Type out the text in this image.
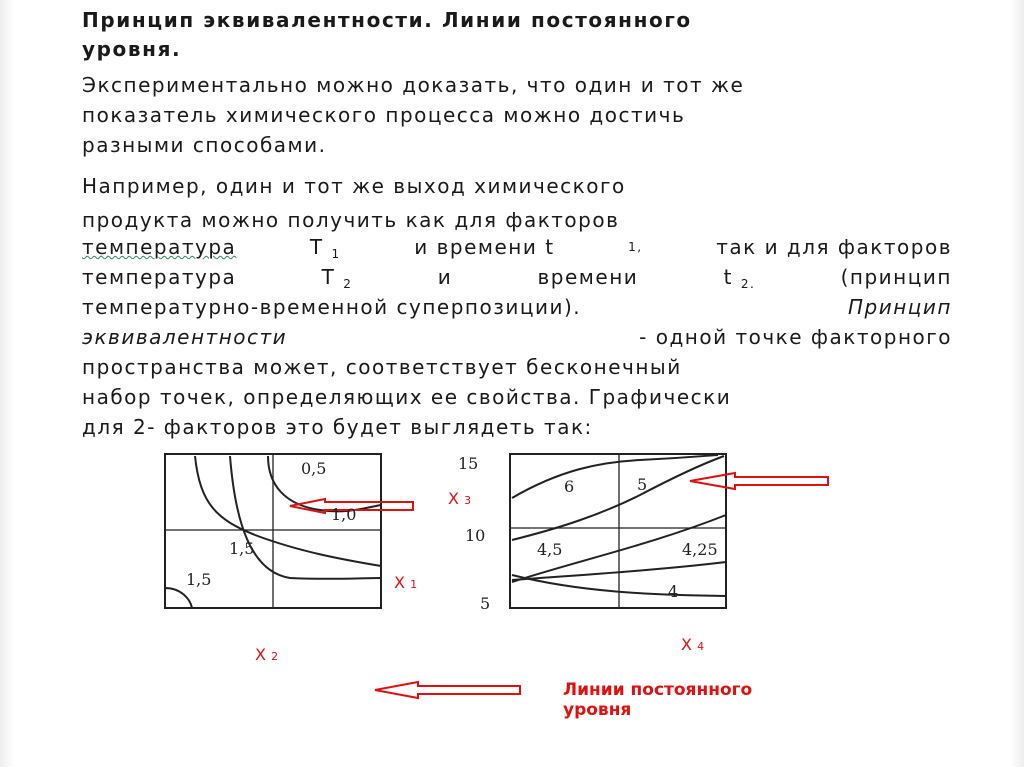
Принцип эквивалентности. Линии постоянного
уровня.
Экспериментально можно доказать, что один и тот же
показатель химического процесса можно достичь
разными способами.
Например, один и тот же выход химического
продукта можно получить как для факторов
температура	T $_1$	и времени t	1,	так и для факторов
температура	T $_2$	и	времени	t $_{2.}$	(принцип
температурно-временной суперпозиции).	Принцип
эквивалентности	- одной точке факторного
пространства может, соответствует бесконечный
набор точек, определяющих ее свойства. Графически
для 2- факторов это будет выглядеть так:
0,5
1,0
1,5
1,5
15
10
5
6	5
4,5	4,25
4
X 3
X 1
X 2
X 4
Линии постоянного
уровня
